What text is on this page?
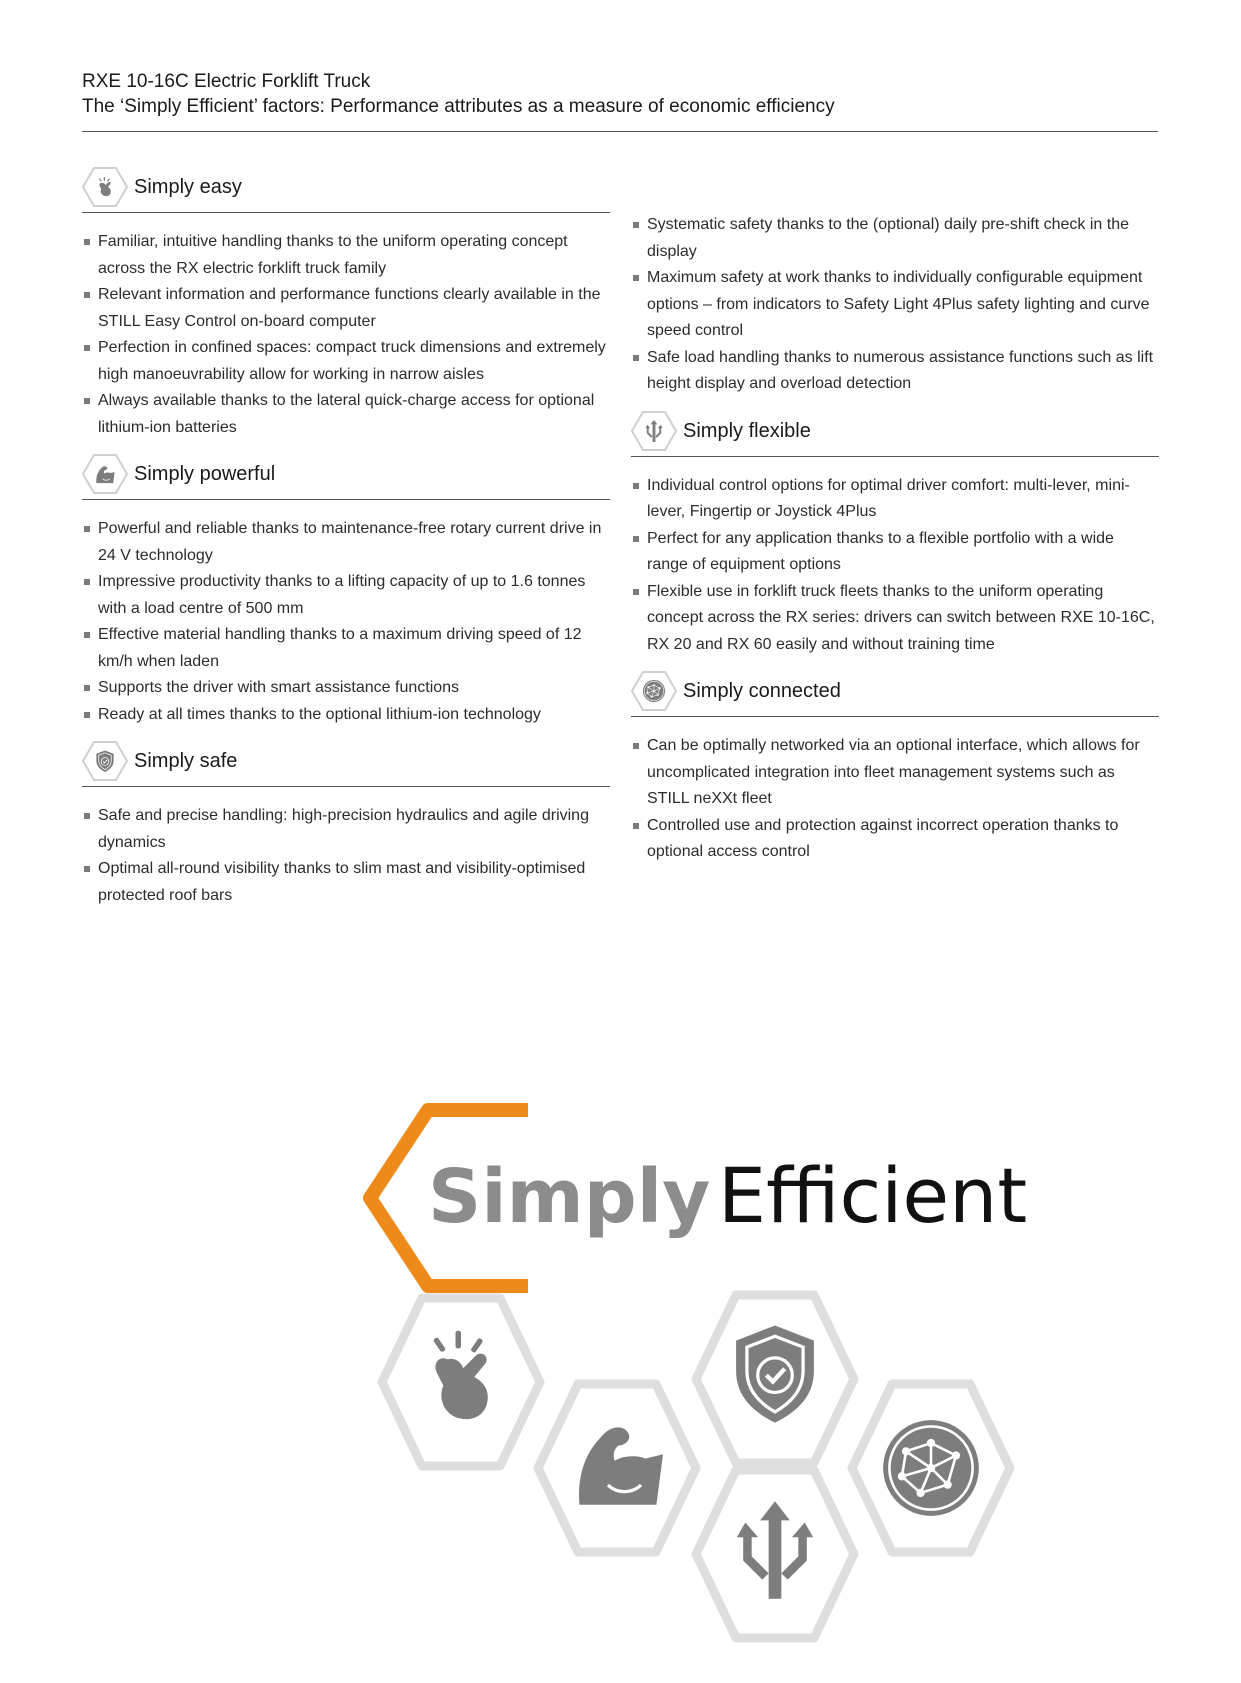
RXE 10-16C Electric Forklift Truck
The ‘Simply Efficient’ factors: Performance attributes as a measure of economic efficiency
Simply easy
Familiar, intuitive handling thanks to the uniform operating concept across the RX electric forklift truck family
Relevant information and performance functions clearly available in the STILL Easy Control on-board computer
Perfection in confined spaces: compact truck dimensions and extremely high manoeuvrability allow for working in narrow aisles
Always available thanks to the lateral quick-charge access for optional lithium-ion batteries
Simply powerful
Powerful and reliable thanks to maintenance-free rotary current drive in 24 V technology
Impressive productivity thanks to a lifting capacity of up to 1.6 tonnes with a load centre of 500 mm
Effective material handling thanks to a maximum driving speed of 12 km/h when laden
Supports the driver with smart assistance functions
Ready at all times thanks to the optional lithium-ion technology
Simply safe
Safe and precise handling: high-precision hydraulics and agile driving dynamics
Optimal all-round visibility thanks to slim mast and visibility-optimised protected roof bars
Systematic safety thanks to the (optional) daily pre-shift check in the display
Maximum safety at work thanks to individually configurable equipment options – from indicators to Safety Light 4Plus safety lighting and curve speed control
Safe load handling thanks to numerous assistance functions such as lift height display and overload detection
Simply flexible
Individual control options for optimal driver comfort: multi-lever, mini-lever, Fingertip or Joystick 4Plus
Perfect for any application thanks to a flexible portfolio with a wide range of equipment options
Flexible use in forklift truck fleets thanks to the uniform operating concept across the RX series: drivers can switch between RXE 10-16C, RX 20 and RX 60 easily and without training time
Simply connected
Can be optimally networked via an optional interface, which allows for uncomplicated integration into fleet management systems such as STILL neXXt fleet
Controlled use and protection against incorrect operation thanks to optional access control
Simply Efficient
